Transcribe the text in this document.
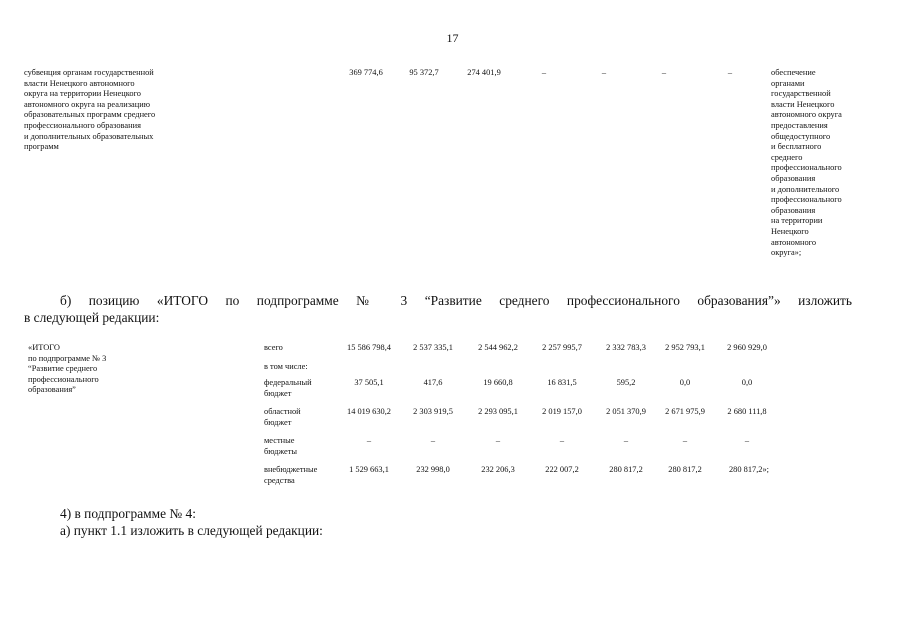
17
субвенция органам государственной
власти Ненецкого автономного
округа на территории Ненецкого
автономного округа на реализацию
образовательных программ среднего
профессионального образования
и дополнительных образовательных
программ
369 774,6	95 372,7	274 401,9	–	–	–	–	обеспечение
органами
государственной
власти Ненецкого
автономного округа
предоставления
общедоступного
и бесплатного
среднего
профессионального
образования
и дополнительного
профессионального
образования
на территории
Ненецкого
автономного
округа»;
б) позицию «ИТОГО по подпрограмме № 3 “Развитие среднего профессионального образования”» изложить
в следующей редакции:
«ИТОГО
по подпрограмме № 3
“Развитие среднего
профессионального
образования”
всего	15 586 798,4	2 537 335,1	2 544 962,2	2 257 995,7	2 332 783,3	2 952 793,1	2 960 929,0
в том числе:
федеральный
бюджет
37 505,1	417,6	19 660,8	16 831,5	595,2	0,0	0,0
областной
бюджет
14 019 630,2	2 303 919,5	2 293 095,1	2 019 157,0	2 051 370,9	2 671 975,9	2 680 111,8
местные
бюджеты
–	–	–	–	–	–	–
внебюджетные
средства
1 529 663,1	232 998,0	232 206,3	222 007,2	280 817,2	280 817,2	280 817,2»;
4) в подпрограмме № 4:
а) пункт 1.1 изложить в следующей редакции:
